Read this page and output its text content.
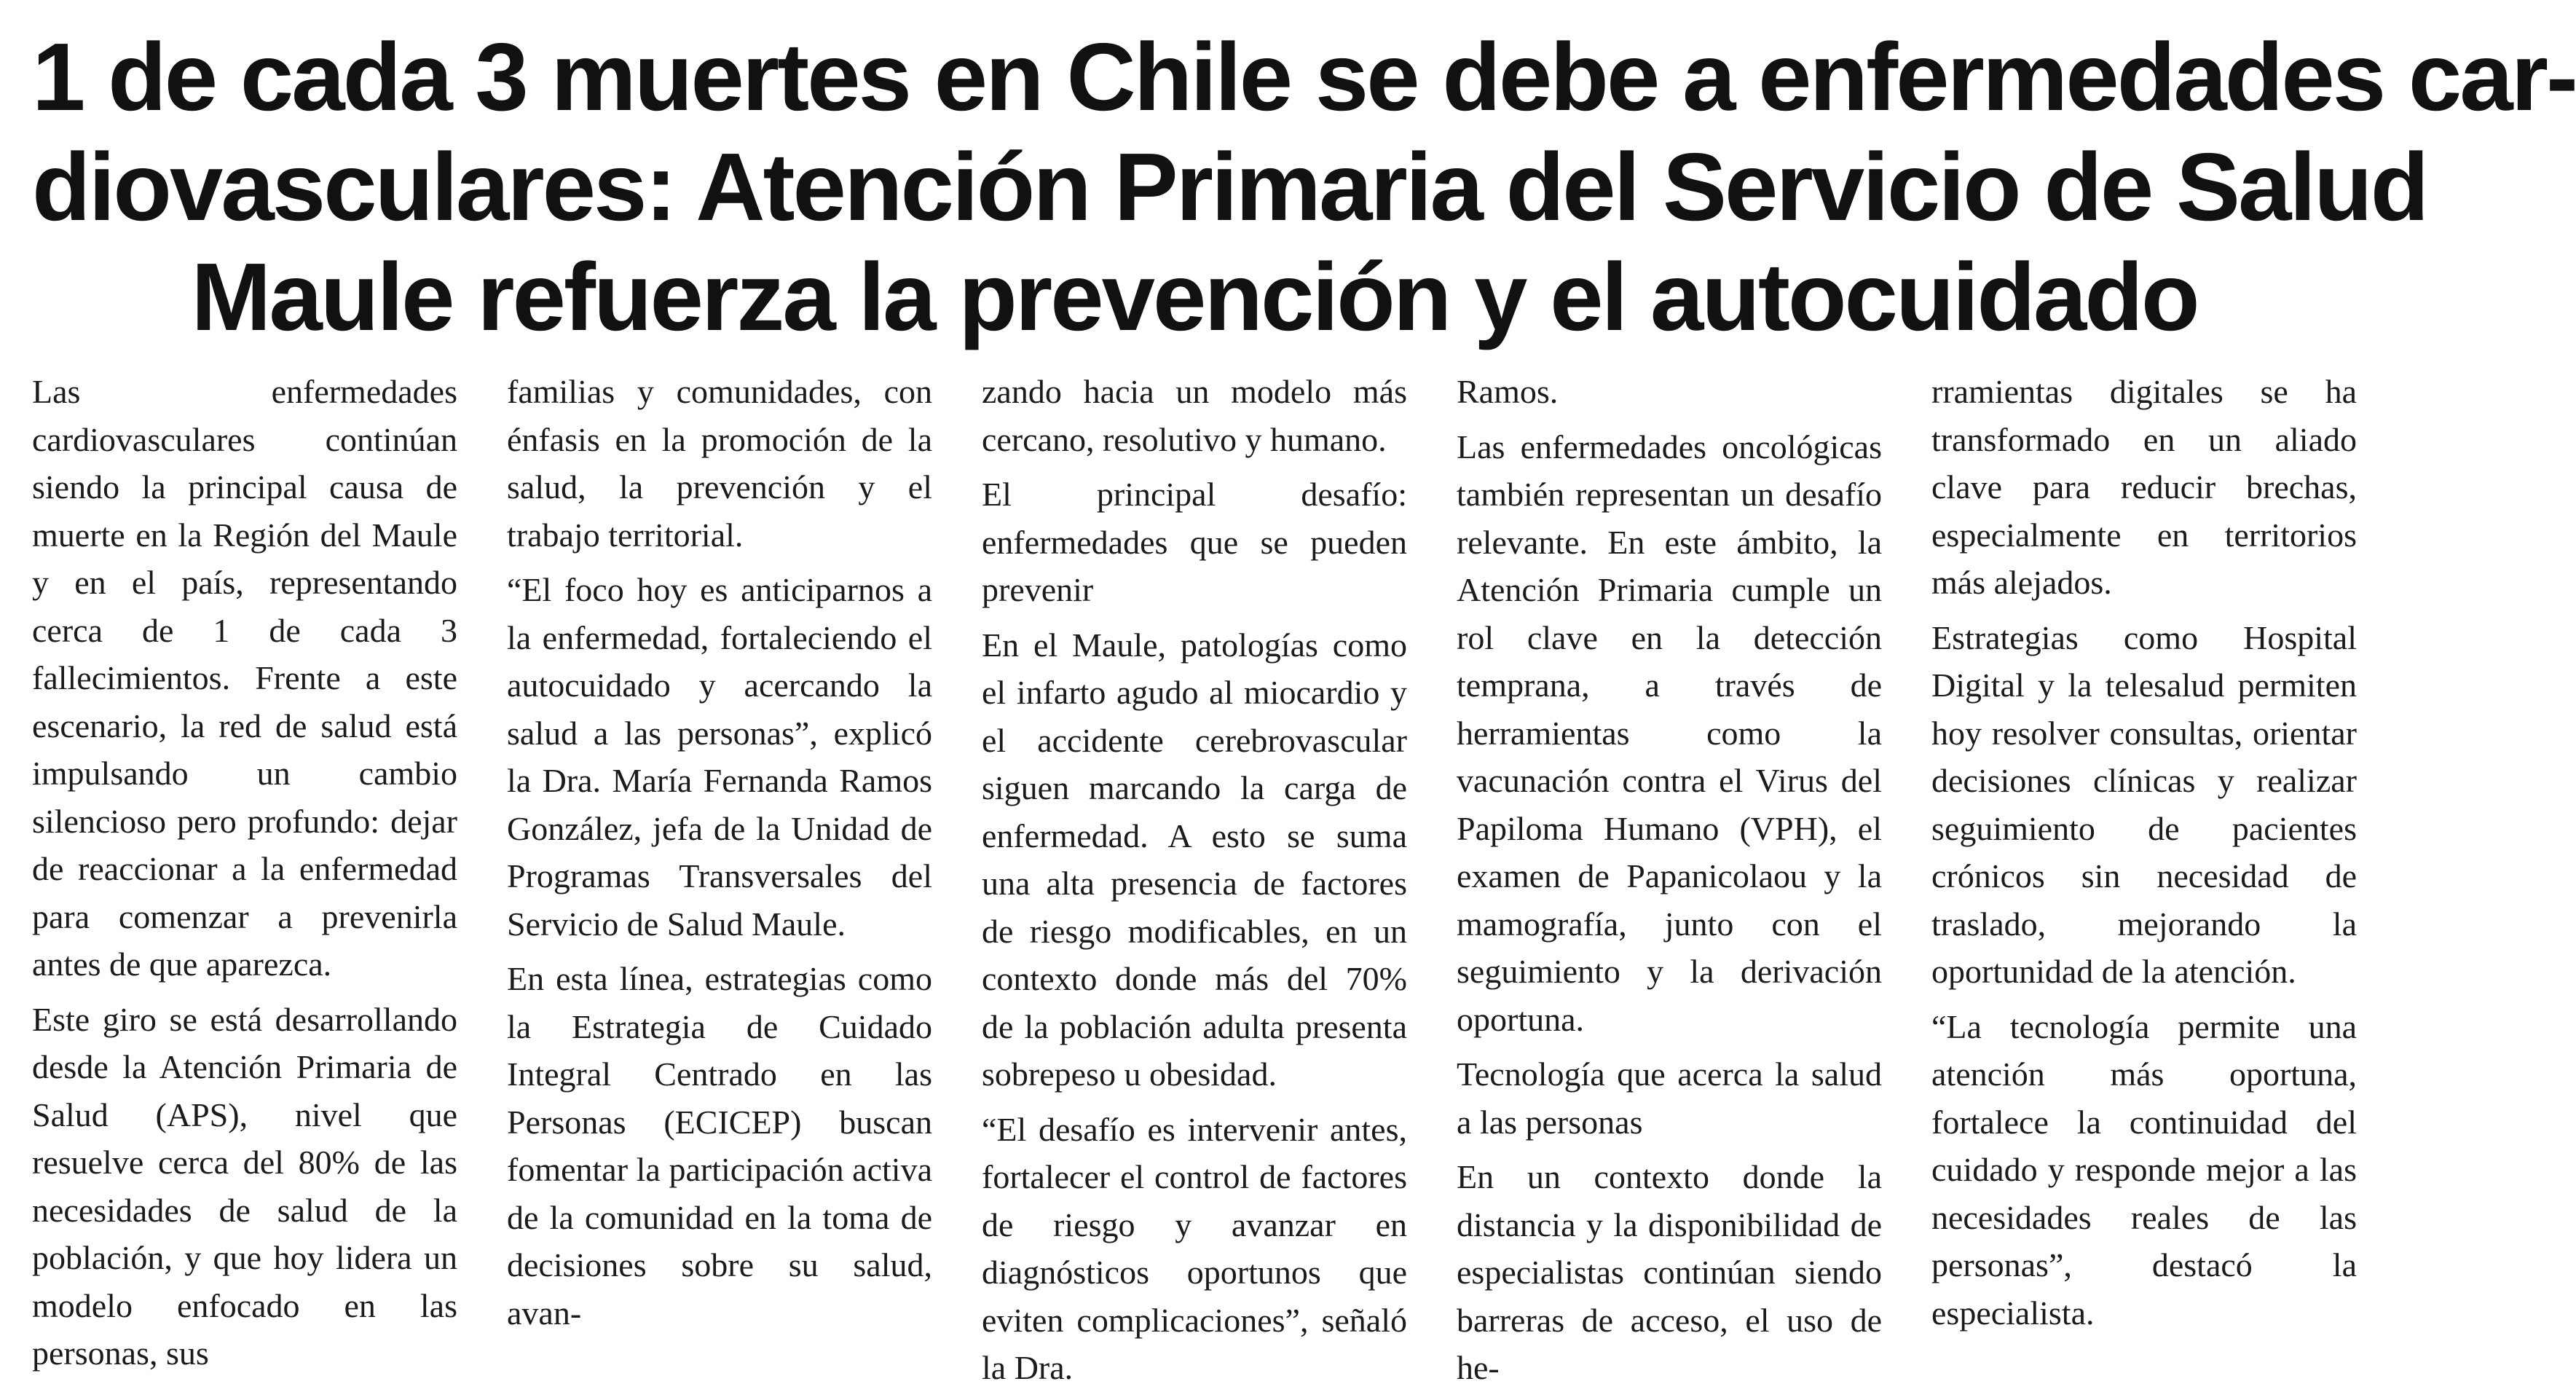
1 de cada 3 muertes en Chile se debe a enfermedades car-
diovasculares: Atención Primaria del Servicio de Salud
Maule refuerza la prevención y el autocuidado

Las enfermedades cardiovasculares continúan siendo la principal causa de muerte en la Región del Maule y en el país, representando cerca de 1 de cada 3 fallecimientos. Frente a este escenario, la red de salud está impulsando un cambio silencioso pero profundo: dejar de reaccionar a la enfermedad para comenzar a prevenirla antes de que aparezca.

Este giro se está desarrollando desde la Atención Primaria de Salud (APS), nivel que resuelve cerca del 80% de las necesidades de salud de la población, y que hoy lidera un modelo enfocado en las personas, sus

familias y comunidades, con énfasis en la promoción de la salud, la prevención y el trabajo territorial.

“El foco hoy es anticiparnos a la enfermedad, fortaleciendo el autocuidado y acercando la salud a las personas”, explicó la Dra. María Fernanda Ramos González, jefa de la Unidad de Programas Transversales del Servicio de Salud Maule.

En esta línea, estrategias como la Estrategia de Cuidado Integral Centrado en las Personas (ECICEP) buscan fomentar la participación activa de la comunidad en la toma de decisiones sobre su salud, avan-

zando hacia un modelo más cercano, resolutivo y humano.

El principal desafío: enfermedades que se pueden prevenir

En el Maule, patologías como el infarto agudo al miocardio y el accidente cerebrovascular siguen marcando la carga de enfermedad. A esto se suma una alta presencia de factores de riesgo modificables, en un contexto donde más del 70% de la población adulta presenta sobrepeso u obesidad.

“El desafío es intervenir antes, fortalecer el control de factores de riesgo y avanzar en diagnósticos oportunos que eviten complicaciones”, señaló la Dra.

Ramos.

Las enfermedades oncológicas también representan un desafío relevante. En este ámbito, la Atención Primaria cumple un rol clave en la detección temprana, a través de herramientas como la vacunación contra el Virus del Papiloma Humano (VPH), el examen de Papanicolaou y la mamografía, junto con el seguimiento y la derivación oportuna.

Tecnología que acerca la salud a las personas

En un contexto donde la distancia y la disponibilidad de especialistas continúan siendo barreras de acceso, el uso de he-

rramientas digitales se ha transformado en un aliado clave para reducir brechas, especialmente en territorios más alejados.

Estrategias como Hospital Digital y la telesalud permiten hoy resolver consultas, orientar decisiones clínicas y realizar seguimiento de pacientes crónicos sin necesidad de traslado, mejorando la oportunidad de la atención.

“La tecnología permite una atención más oportuna, fortalece la continuidad del cuidado y responde mejor a las necesidades reales de las personas”, destacó la especialista.
